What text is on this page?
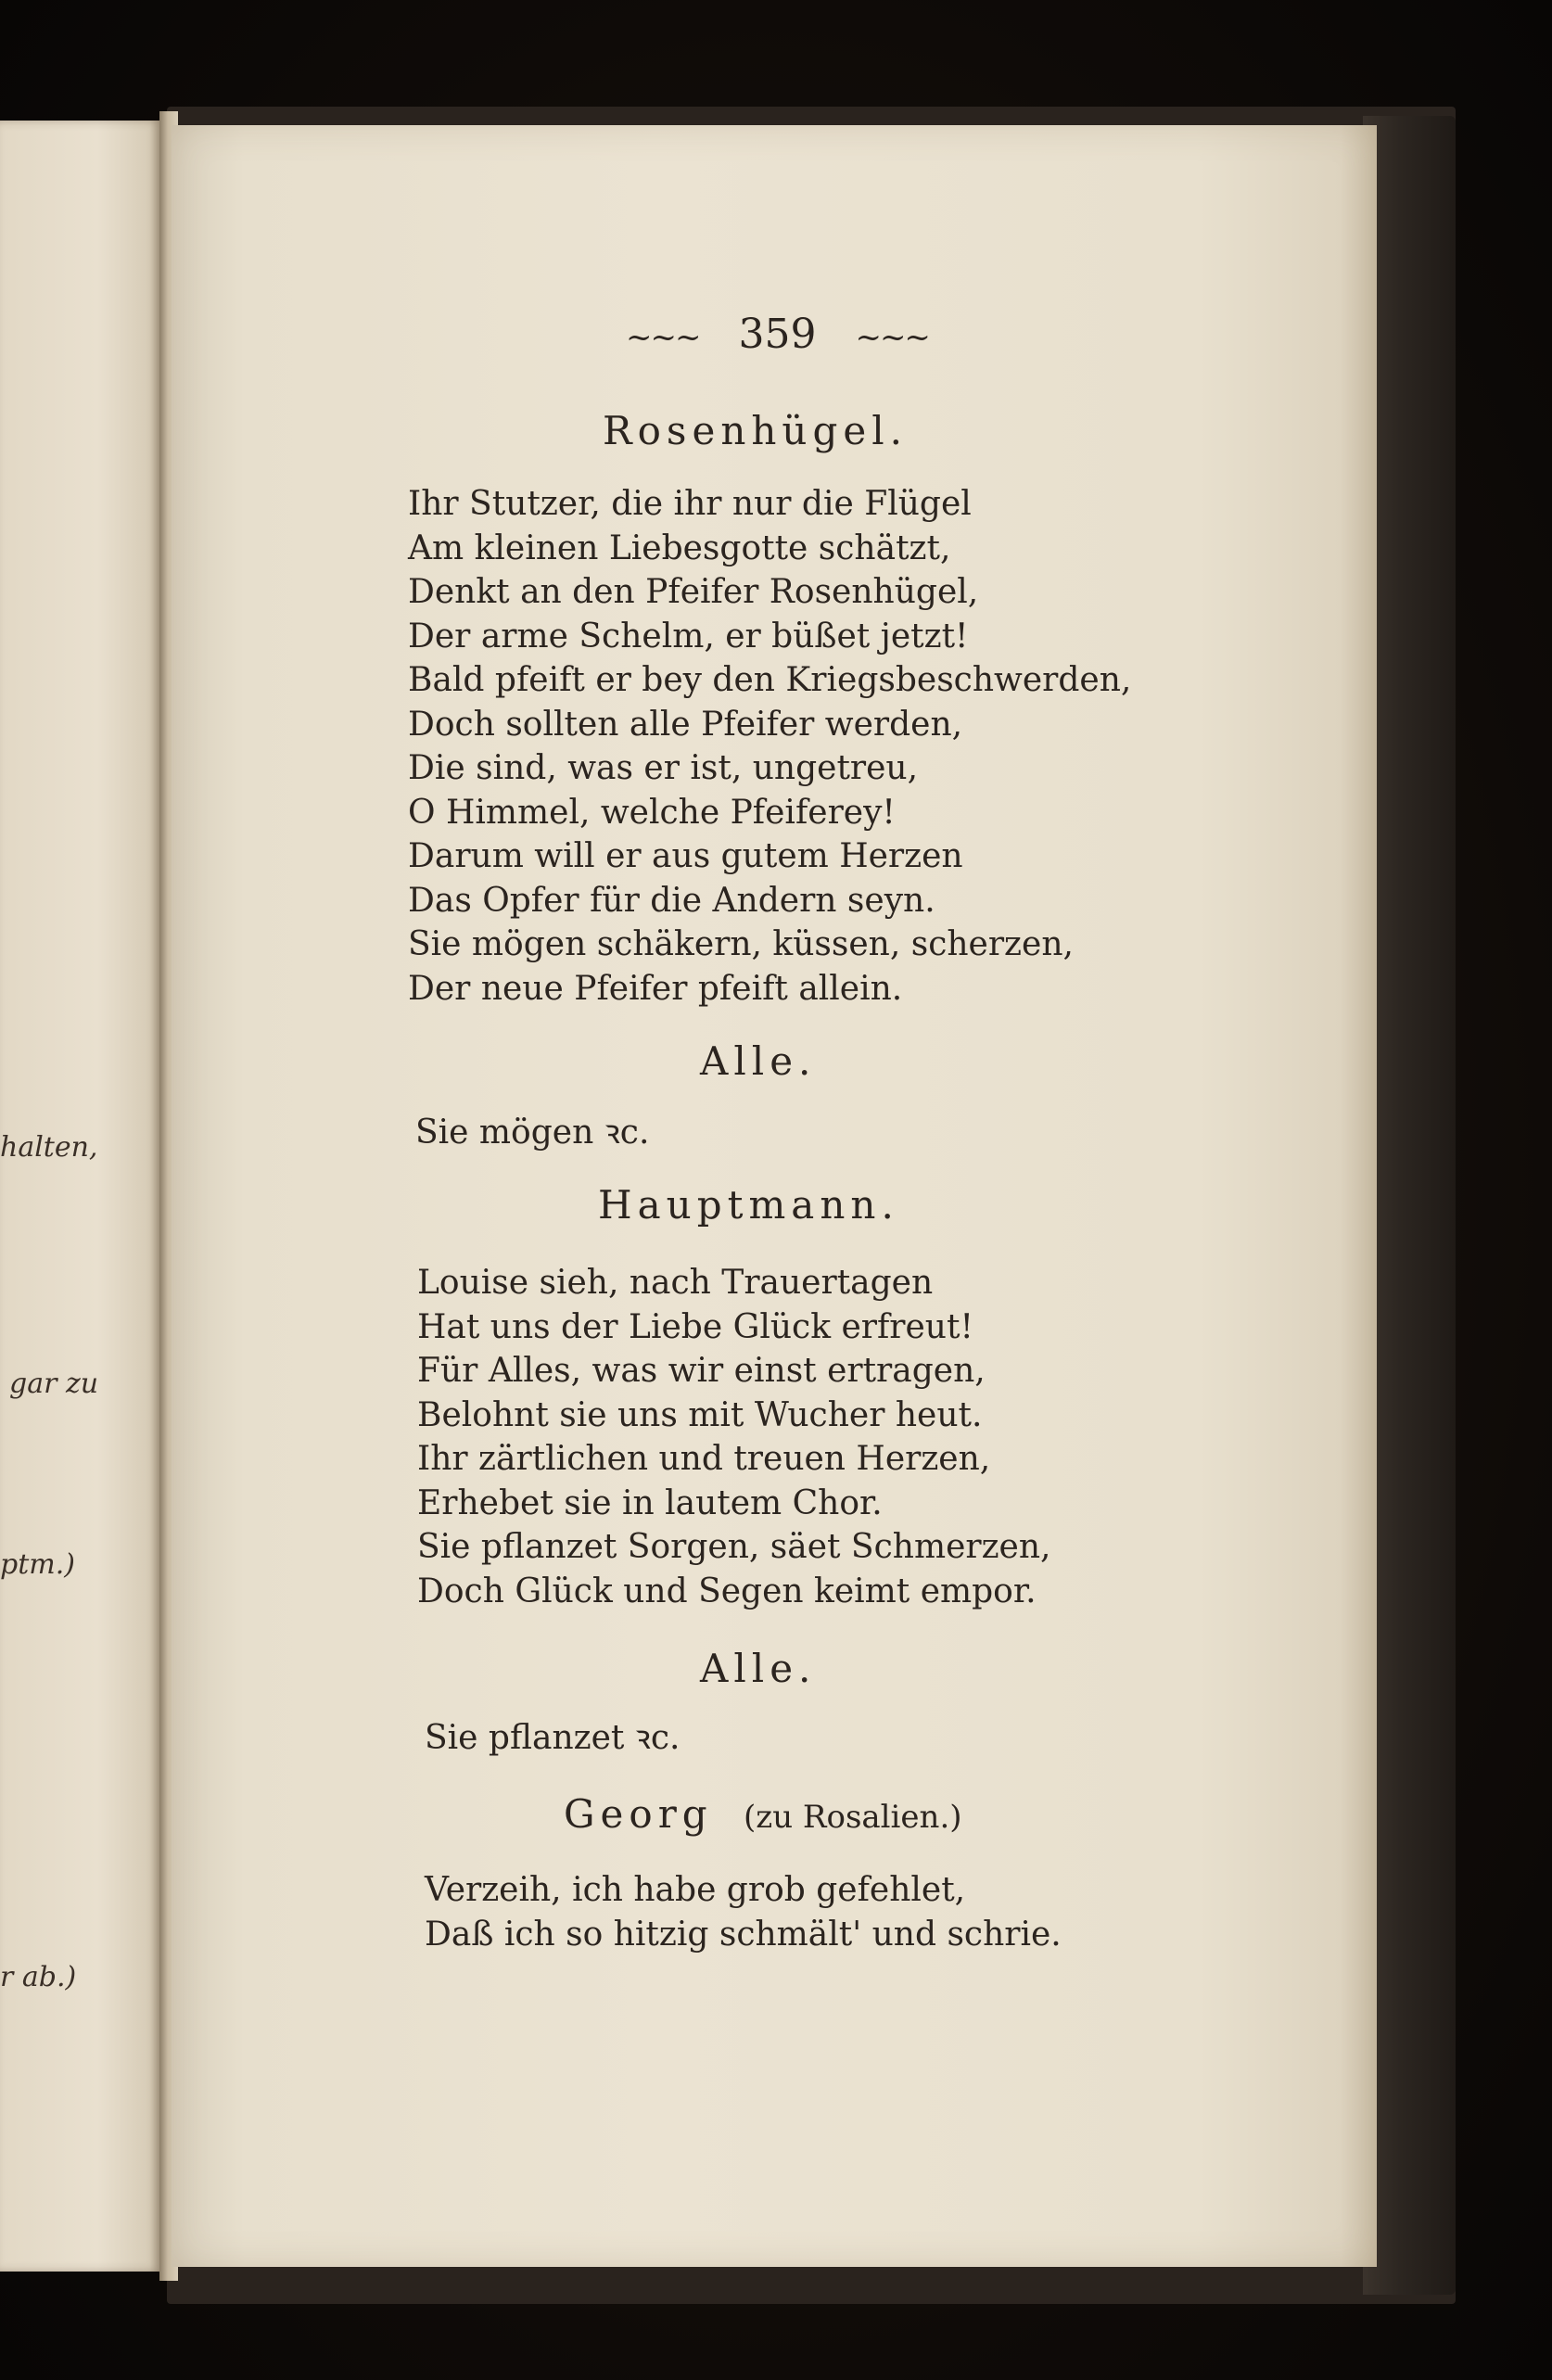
halten,
gar zu
ptm.)
r ab.)
~~~ 359 ~~~
Rosenhügel.
Ihr Stutzer, die ihr nur die Flügel
Am kleinen Liebesgotte schätzt,
Denkt an den Pfeifer Rosenhügel,
Der arme Schelm, er büßet jetzt!
Bald pfeift er bey den Kriegsbeschwerden,
Doch sollten alle Pfeifer werden,
Die sind, was er ist, ungetreu,
O Himmel, welche Pfeiferey!
Darum will er aus gutem Herzen
Das Opfer für die Andern seyn.
Sie mögen schäkern, küssen, scherzen,
Der neue Pfeifer pfeift allein.
Alle.
Sie mögen ꝛc.
Hauptmann.
Louise sieh, nach Trauertagen
Hat uns der Liebe Glück erfreut!
Für Alles, was wir einst ertragen,
Belohnt sie uns mit Wucher heut.
Ihr zärtlichen und treuen Herzen,
Erhebet sie in lautem Chor.
Sie pflanzet Sorgen, säet Schmerzen,
Doch Glück und Segen keimt empor.
Alle.
Sie pflanzet ꝛc.
Georg (zu Rosalien.)
Verzeih, ich habe grob gefehlet,
Daß ich so hitzig schmält' und schrie.
